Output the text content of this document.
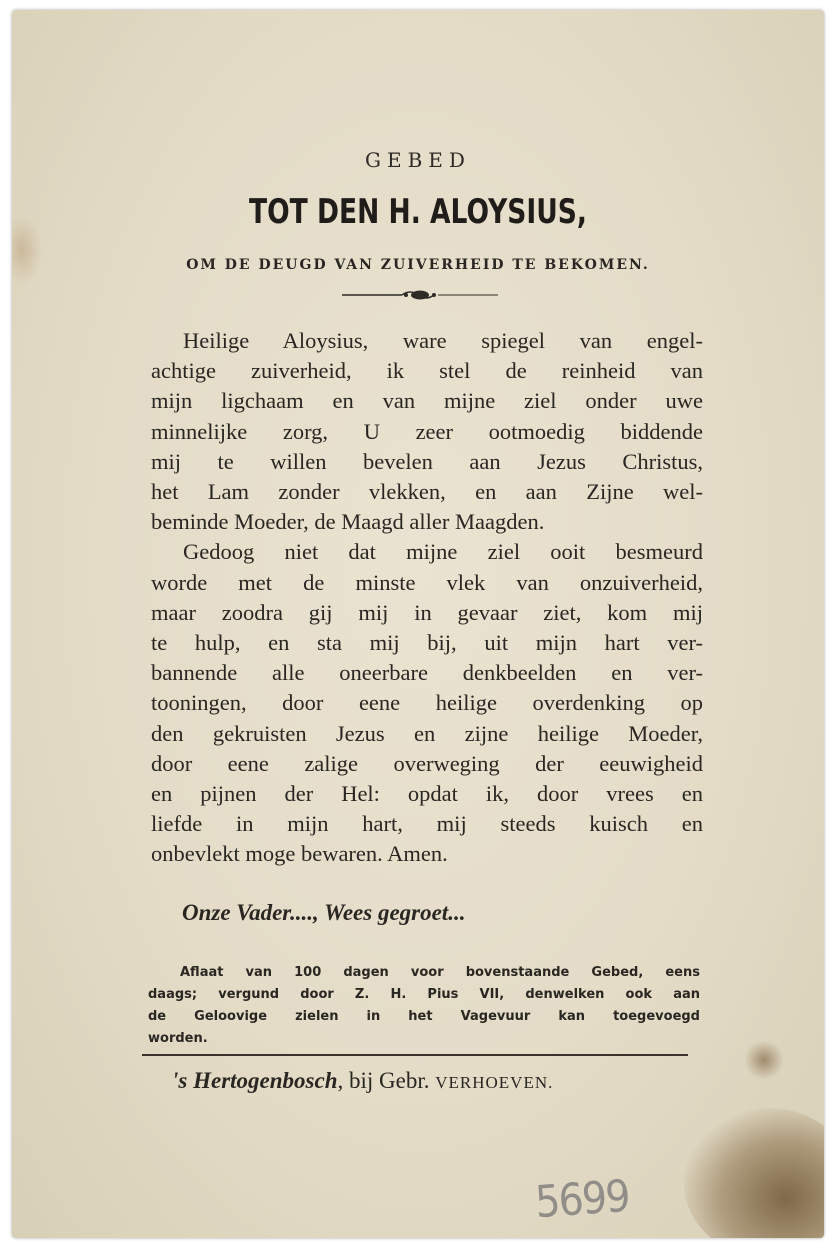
GEBED
TOT DEN H. ALOYSIUS,
OM DE DEUGD VAN ZUIVERHEID TE BEKOMEN.
Heilige Aloysius, ware spiegel van engel-
achtige zuiverheid, ik stel de reinheid van
mijn ligchaam en van mijne ziel onder uwe
minnelijke zorg, U zeer ootmoedig biddende
mij te willen bevelen aan Jezus Christus,
het Lam zonder vlekken, en aan Zijne wel-
beminde Moeder, de Maagd aller Maagden.
Gedoog niet dat mijne ziel ooit besmeurd
worde met de minste vlek van onzuiverheid,
maar zoodra gij mij in gevaar ziet, kom mij
te hulp, en sta mij bij, uit mijn hart ver-
bannende alle oneerbare denkbeelden en ver-
tooningen, door eene heilige overdenking op
den gekruisten Jezus en zijne heilige Moeder,
door eene zalige overweging der eeuwigheid
en pijnen der Hel: opdat ik, door vrees en
liefde in mijn hart, mij steeds kuisch en
onbevlekt moge bewaren. Amen.
Onze Vader...., Wees gegroet...
Aflaat van 100 dagen voor bovenstaande Gebed, eens
daags; vergund door Z. H. Pius VII, denwelken ook aan
de Geloovige zielen in het Vagevuur kan toegevoegd
worden.
's Hertogenbosch, bij Gebr. VERHOEVEN.
5699
